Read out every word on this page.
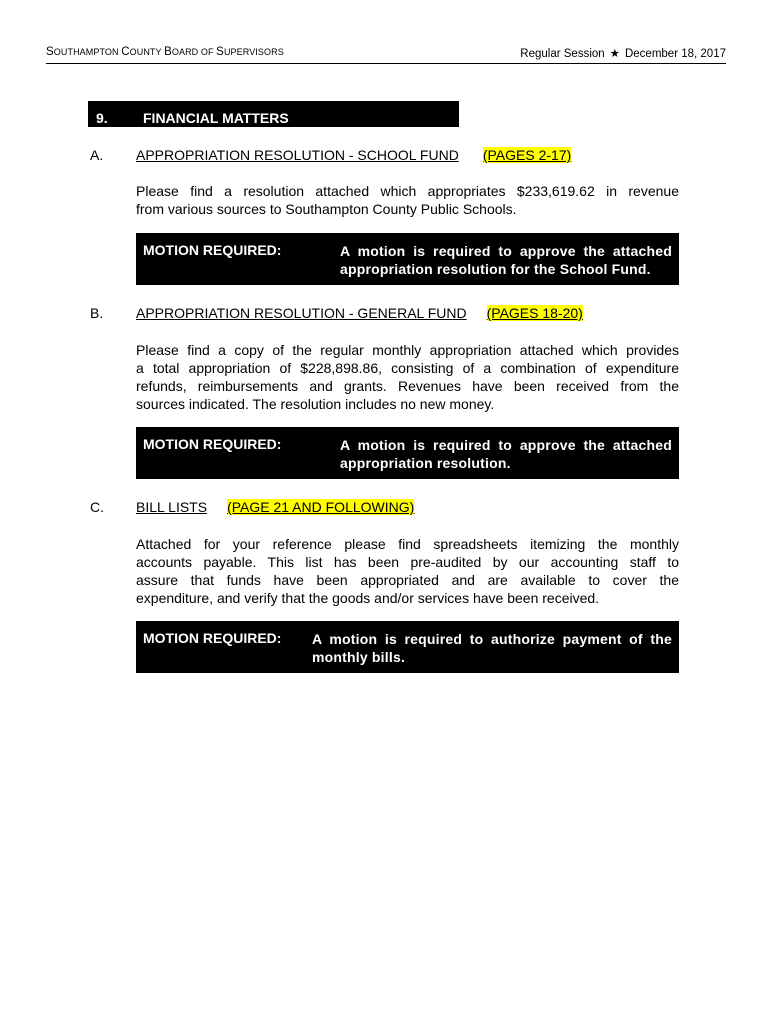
SOUTHAMPTON COUNTY BOARD OF SUPERVISORS	Regular Session ★ December 18, 2017
9.	FINANCIAL MATTERS
A. APPROPRIATION RESOLUTION - SCHOOL FUND (PAGES 2-17)
Please find a resolution attached which appropriates $233,619.62 in revenue
from various sources to Southampton County Public Schools.
MOTION REQUIRED:	A motion is required to approve the attached
appropriation resolution for the School Fund.
B. APPROPRIATION RESOLUTION - GENERAL FUND (PAGES 18-20)
Please find a copy of the regular monthly appropriation attached which provides
a total appropriation of $228,898.86, consisting of a combination of expenditure
refunds, reimbursements and grants. Revenues have been received from the
sources indicated. The resolution includes no new money.
MOTION REQUIRED:	A motion is required to approve the attached
appropriation resolution.
C. BILL LISTS (PAGE 21 AND FOLLOWING)
Attached for your reference please find spreadsheets itemizing the monthly
accounts payable. This list has been pre-audited by our accounting staff to
assure that funds have been appropriated and are available to cover the
expenditure, and verify that the goods and/or services have been received.
MOTION REQUIRED: A motion is required to authorize payment of the
monthly bills.
